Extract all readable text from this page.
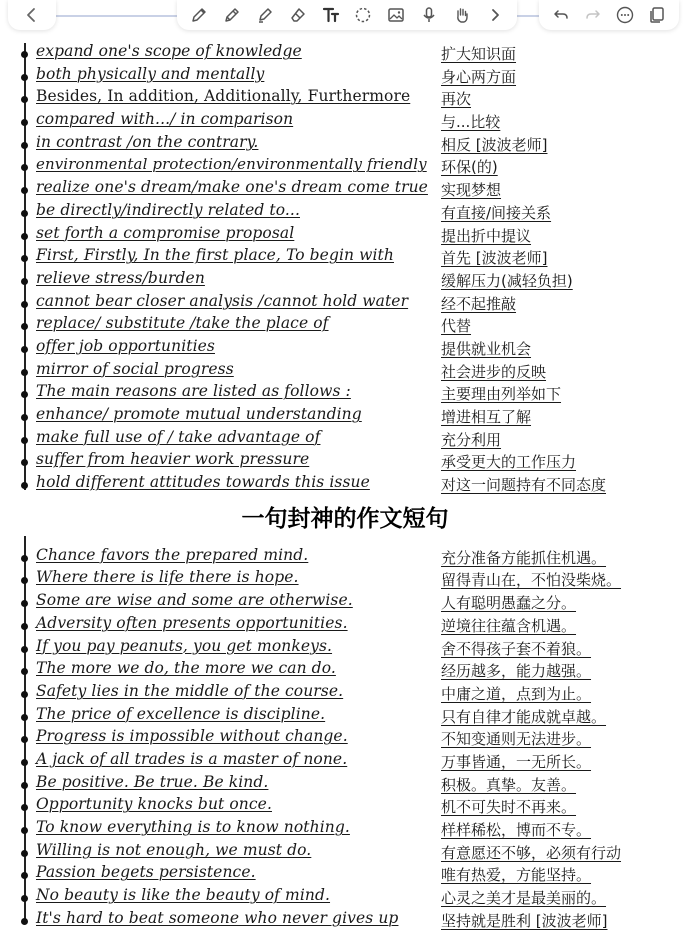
expand one's scope of knowledge	扩大知识面
both physically and mentally	身心两方面
Besides, In addition, Additionally, Furthermore 再次
compared with.../ in comparison	与...比较
in contrast /on the contrary.	相反 [波波老师]
environmental protection/environmentally friendly 环保(的)
realize one's dream/make one's dream come true 实现梦想
be directly/indirectly related to...	有直接/间接关系
set forth a compromise proposal	提出折中提议
First, Firstly, In the first place, To begin with	首先 [波波老师]
relieve stress/burden	缓解压力(减轻负担)
cannot bear closer analysis /cannot hold water 经不起推敲
replace/ substitute /take the place of	代替
offer job opportunities	提供就业机会
mirror of social progress	社会进步的反映
The main reasons are listed as follows :	主要理由列举如下
enhance/ promote mutual understanding	增进相互了解
make full use of / take advantage of	充分利用
suffer from heavier work pressure	承受更大的工作压力
hold different attitudes towards this issue	对这一问题持有不同态度
一句封神的作文短句
Chance favors the prepared mind.	充分准备方能抓住机遇。
Where there is life there is hope.	留得青山在，不怕没柴烧。
Some are wise and some are otherwise.	人有聪明愚蠢之分。
Adversity often presents opportunities.	逆境往往蕴含机遇。
If you pay peanuts, you get monkeys.	舍不得孩子套不着狼。
The more we do, the more we can do.	经历越多，能力越强。
Safety lies in the middle of the course.	中庸之道，点到为止。
The price of excellence is discipline.	只有自律才能成就卓越。
Progress is impossible without change.	不知变通则无法进步。
A jack of all trades is a master of none.	万事皆通，一无所长。
Be positive. Be true. Be kind.	积极。真挚。友善。
Opportunity knocks but once.	机不可失时不再来。
To know everything is to know nothing.	样样稀松，博而不专。
Willing is not enough, we must do.	有意愿还不够，必须有行动
Passion begets persistence.	唯有热爱，方能坚持。
No beauty is like the beauty of mind.	心灵之美才是最美丽的。
It's hard to beat someone who never gives up	坚持就是胜利 [波波老师]
